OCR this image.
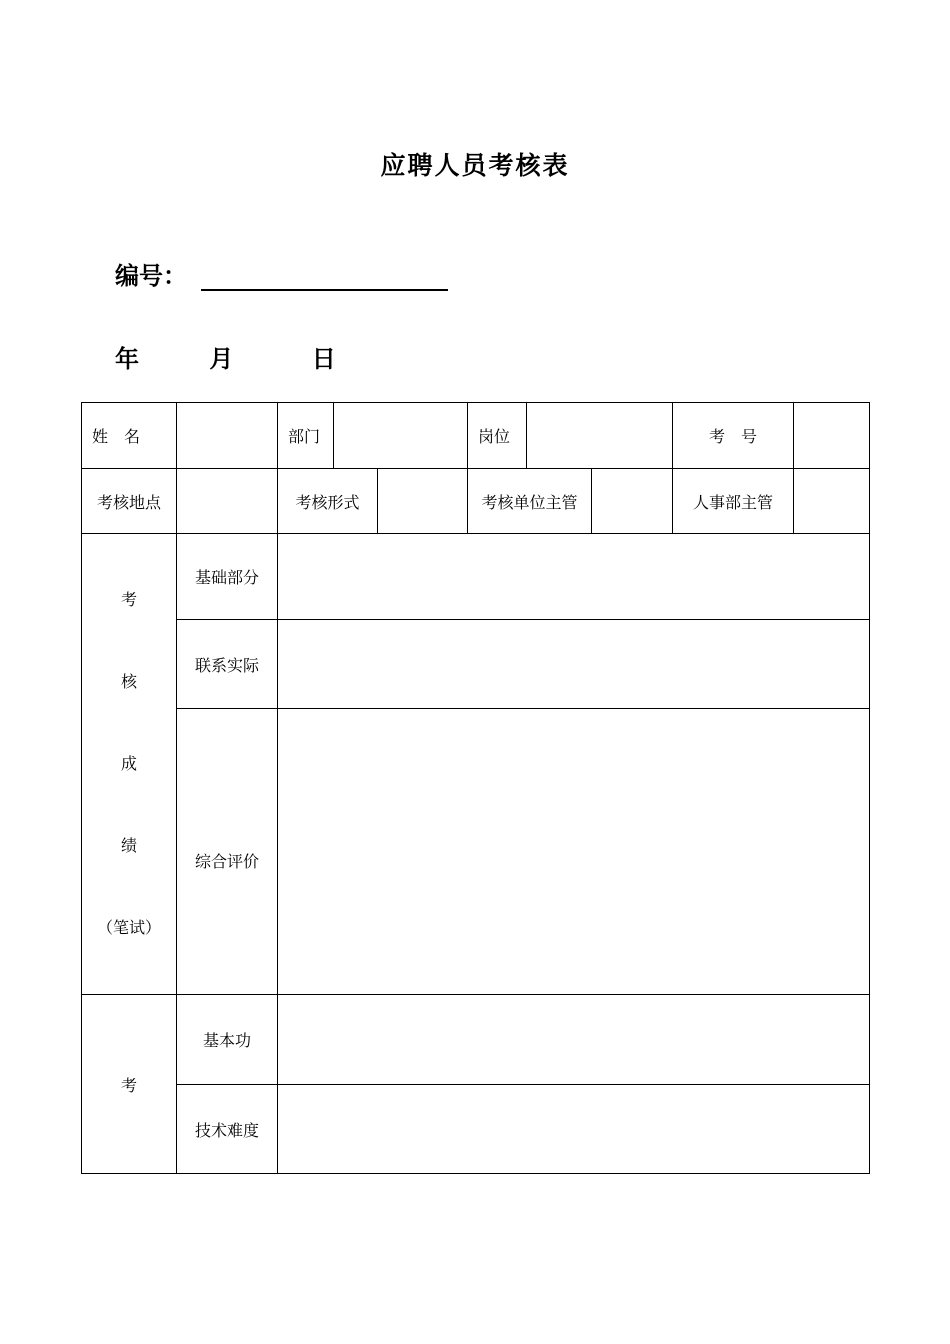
应聘人员考核表
编号：
年	月	日
姓　名		部门			岗位			考　号	
考核地点		考核形式			考核单位主管			人事部主管	

考
核
成
绩
（笔试）	基础部分								
	联系实际								
	综合评价								
考	基本功								
	技术难度								
